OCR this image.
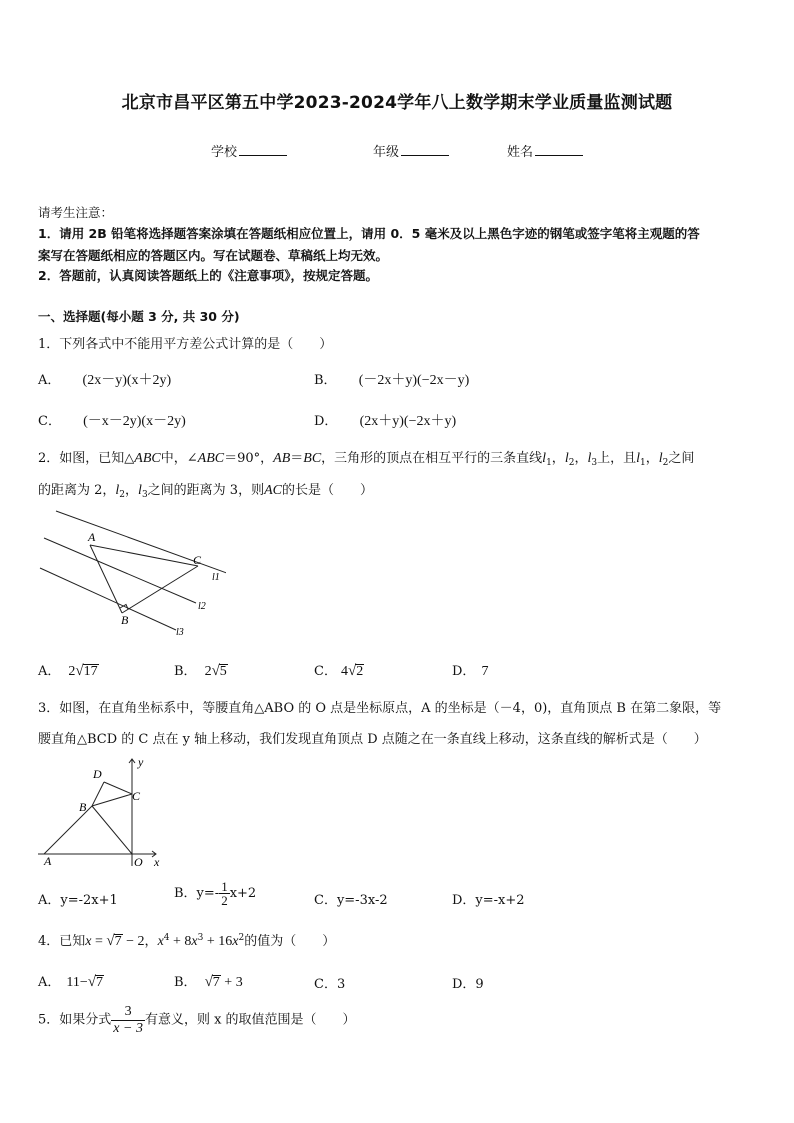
北京市昌平区第五中学2023-2024学年八上数学期末学业质量监测试题
学校	年级	姓名
请考生注意：
1．请用 2B 铅笔将选择题答案涂填在答题纸相应位置上，请用 0．5 毫米及以上黑色字迹的钢笔或签字笔将主观题的答
案写在答题纸相应的答题区内。写在试题卷、草稿纸上均无效。
2．答题前，认真阅读答题纸上的《注意事项》，按规定答题。
一、选择题(每小题 3 分, 共 30 分)
1．下列各式中不能用平方差公式计算的是（　　）
A． (2x－y)(x＋2y)	B． (－2x＋y)(−2x－y)
C． (－x－2y)(x－2y)	D． (2x＋y)(−2x＋y)
2．如图，已知△ABC中，∠ABC＝90°，AB＝BC，三角形的顶点在相互平行的三条直线$l_1$，$l_2$，$l_3$上，且$l_1$，$l_2$之间
的距离为 2，$l_2$，$l_3$之间的距离为 3，则AC的长是（　　）
A
C
B
l1
l2
l3
A． 2√17	B． 2√5	C． 4√2	D． 7
3．如图，在直角坐标系中，等腰直角△ABO 的 O 点是坐标原点，A 的坐标是（－4，0)，直角顶点 B 在第二象限，等
腰直角△BCD 的 C 点在 y 轴上移动，我们发现直角顶点 D 点随之在一条直线上移动，这条直线的解析式是（　　）
A
B
C
D
O x
y
A．y=-2x+1	B．$y=- \frac{1}{2} x+2$	C．y=-3x-2	D．y=-x+2
4．已知x = √7 − 2，$x^4 + 8x^3 + 16x^2$的值为（　　）
A． 11−√7	B． √7 + 3	C．3	D．9
5．如果分式 $\frac{3}{x - 3}$ 有意义，则 x 的取值范围是（　　）
